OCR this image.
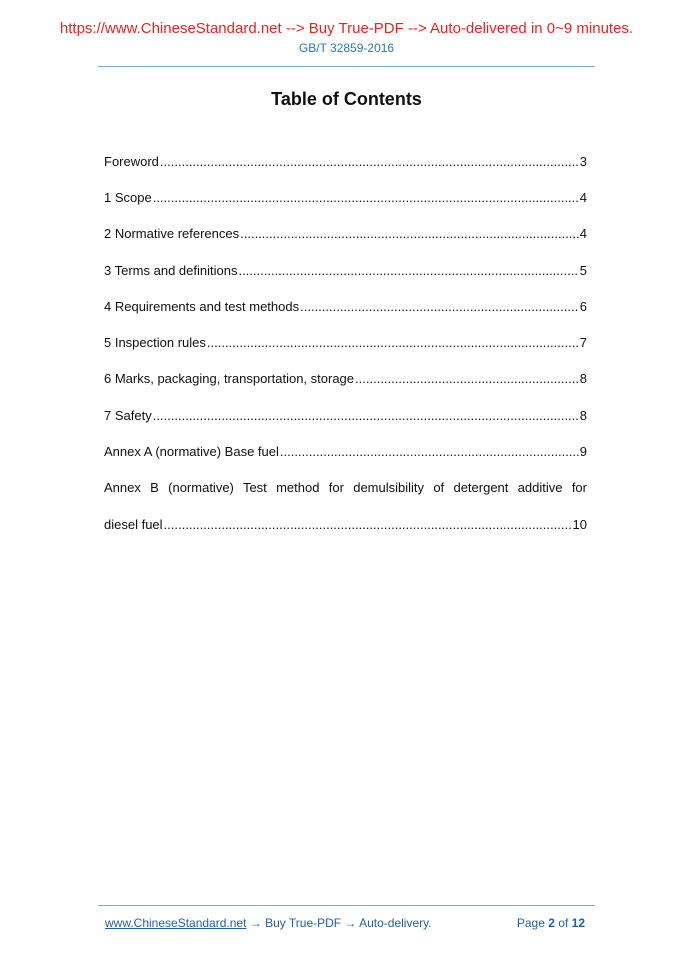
https://www.ChineseStandard.net --> Buy True-PDF --> Auto-delivered in 0~9 minutes.
GB/T 32859-2016
Table of Contents
Foreword .....	3
1 Scope .....	4
2 Normative references .....	4
3 Terms and definitions .....	5
4 Requirements and test methods .....	6
5 Inspection rules .....	7
6 Marks, packaging, transportation, storage .....	8
7 Safety .....	8
Annex A (normative) Base fuel .....	9
Annex B (normative) Test method for demulsibility of detergent additive for
diesel fuel .....	10
www.ChineseStandard.net → Buy True-PDF → Auto-delivery.	Page 2 of 12
